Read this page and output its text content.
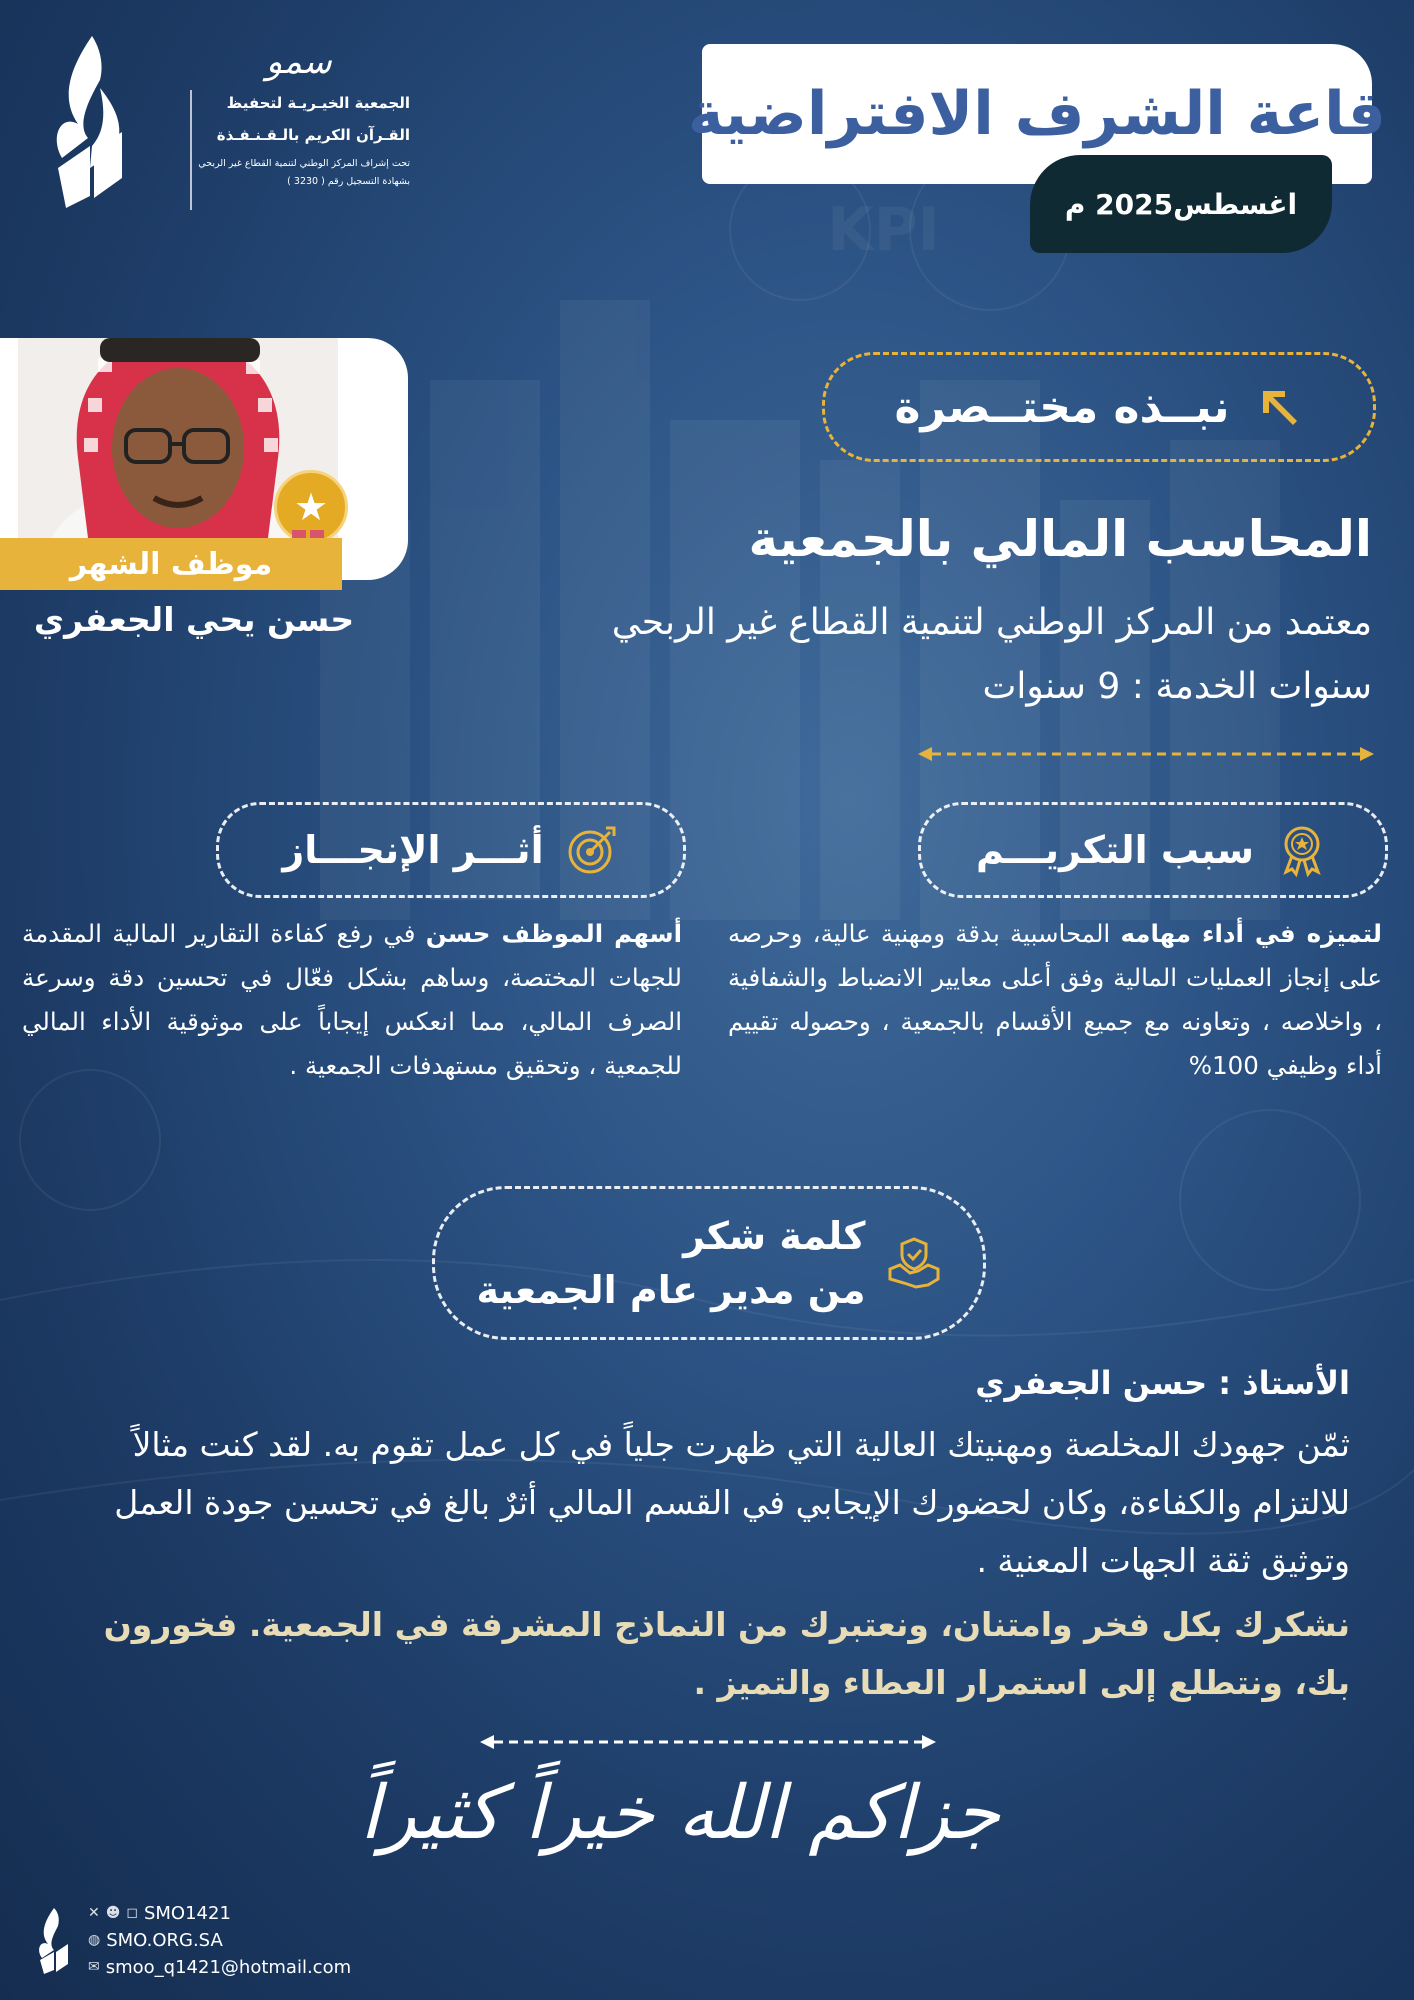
KPI
سمو
الجمعية الخيـريـة لتحفيظ
القـرآن الكريم بالـقـنـفـذة
تحت إشراف المركز الوطني لتنمية القطاع غير الربحي
بشهادة التسجيل رقم ( 3230 )
قاعة الشرف الافتراضية
اغسطس2025 م
★
موظف الشهر
حسن يحي الجعفري
نبــذه مختــصرة
المحاسب المالي بالجمعية
معتمد من المركز الوطني لتنمية القطاع غير الربحي
سنوات الخدمة : 9 سنوات
سبب التكريـــم
لتميزه في أداء مهامه المحاسبية بدقة ومهنية عالية، وحرصه على إنجاز العمليات المالية وفق أعلى معايير الانضباط والشفافية ، واخلاصه ، وتعاونه مع جميع الأقسام بالجمعية ، وحصوله تقييم أداء وظيفي 100%
أثـــر الإنجـــاز
أسهم الموظف حسن في رفع كفاءة التقارير المالية المقدمة للجهات المختصة، وساهم بشكل فعّال في تحسين دقة وسرعة الصرف المالي، مما انعكس إيجاباً على موثوقية الأداء المالي للجمعية ، وتحقيق مستهدفات الجمعية .
كلمة شكر
من مدير عام الجمعية
الأستاذ : حسن الجعفري
ثمّن جهودك المخلصة ومهنيتك العالية التي ظهرت جلياً في كل عمل تقوم به. لقد كنت مثالاً للالتزام والكفاءة، وكان لحضورك الإيجابي في القسم المالي أثرٌ بالغ في تحسين جودة العمل وتوثيق ثقة الجهات المعنية .
نشكرك بكل فخر وامتنان، ونعتبرك من النماذج المشرفة في الجمعية. فخورون بك، ونتطلع إلى استمرار العطاء والتميز .
جزاكم الله خيراً كثيراً
✕ ☻ ◻ SMO1421
◍ SMO.ORG.SA
✉ smoo_q1421@hotmail.com
